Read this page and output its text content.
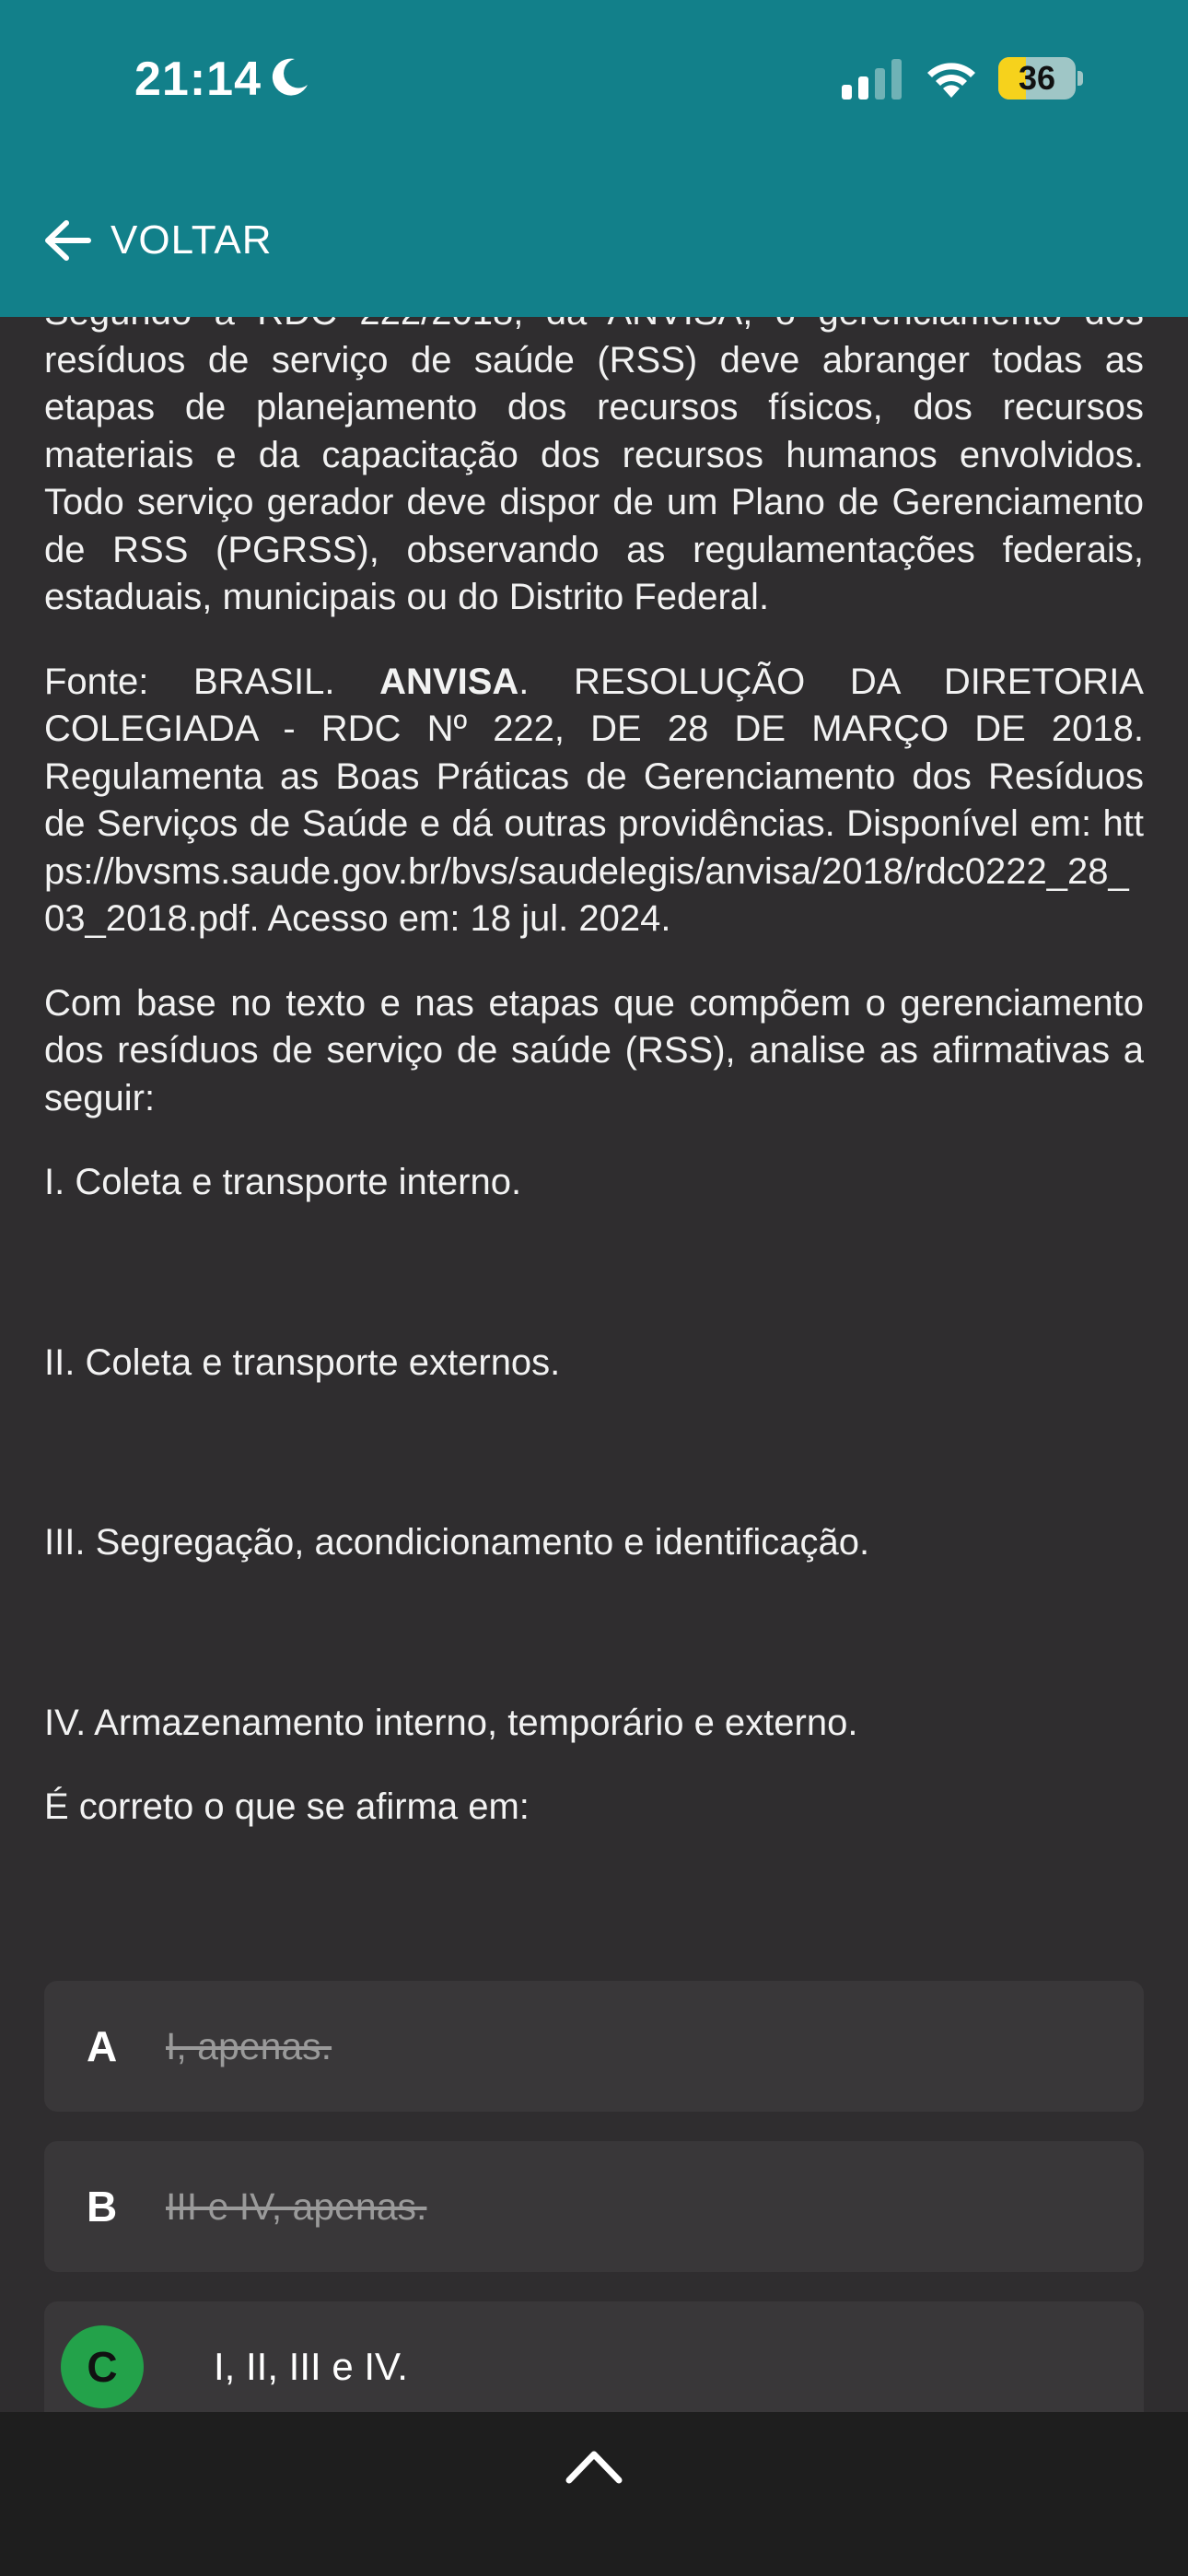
21:14	36
VOLTAR

resíduos de serviço de saúde (RSS) deve abranger todas as etapas de planejamento dos recursos físicos, dos recursos materiais e da capacitação dos recursos humanos envolvidos. Todo serviço gerador deve dispor de um Plano de Gerenciamento de RSS (PGRSS), observando as regulamentações federais, estaduais, municipais ou do Distrito Federal.

Fonte: BRASIL. ANVISA. RESOLUÇÃO DA DIRETORIA COLEGIADA - RDC Nº 222, DE 28 DE MARÇO DE 2018. Regulamenta as Boas Práticas de Gerenciamento dos Resíduos de Serviços de Saúde e dá outras providências. Disponível em: https://bvsms.saude.gov.br/bvs/saudelegis/anvisa/2018/rdc0222_28_03_2018.pdf. Acesso em: 18 jul. 2024.

Com base no texto e nas etapas que compõem o gerenciamento dos resíduos de serviço de saúde (RSS), analise as afirmativas a seguir:

I. Coleta e transporte interno.

II. Coleta e transporte externos.

III. Segregação, acondicionamento e identificação.

IV. Armazenamento interno, temporário e externo.

É correto o que se afirma em:

A I, apenas.
B III e IV, apenas.
C	I, II, III e IV.
